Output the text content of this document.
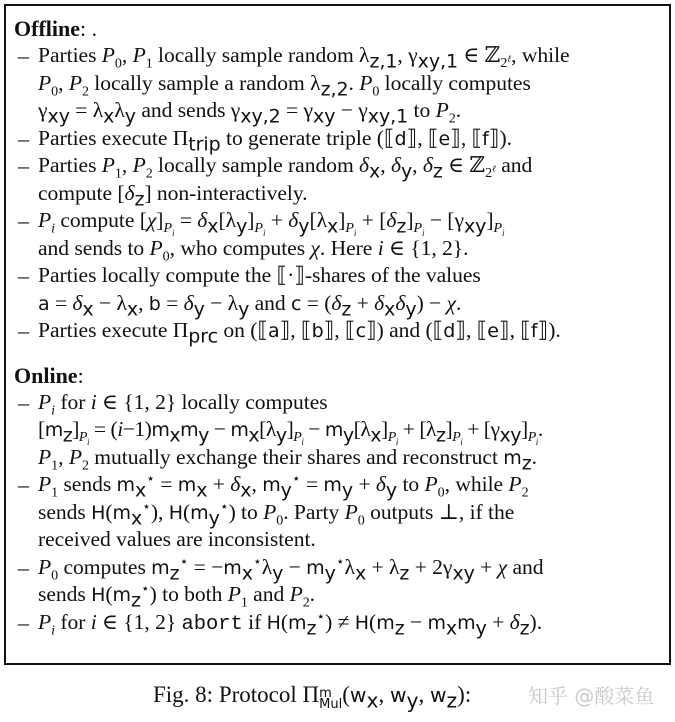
Offline: .
– Parties $P_0$, $P_1$ locally sample random $\lambda_{z,1}$, $\gamma_{xy,1}$ ∈ ℤ$_{2^\ell}$, while
$P_0$, $P_2$ locally sample a random $\lambda_{z,2}$. $P_0$ locally computes
$\gamma_{xy} = \lambda_x\lambda_y$ and sends $\gamma_{xy,2} = \gamma_{xy} - \gamma_{xy,1}$ to $P_2$.
– Parties execute $\Pi_{trip}$ to generate triple (⟦d⟧, ⟦e⟧, ⟦f⟧).
– Parties $P_1$, $P_2$ locally sample random $\delta_x$, $\delta_y$, $\delta_z$ ∈ ℤ$_{2^\ell}$ and
compute $[\delta_z]$ non-interactively.
– $P_i$ compute $[\chi]_{P_i} = \delta_x[\lambda_y]_{P_i} + \delta_y[\lambda_x]_{P_i} + [\delta_z]_{P_i} - [\gamma_{xy}]_{P_i}$
and sends to $P_0$, who computes χ. Here i ∈ {1, 2}.
– Parties locally compute the ⟦·⟧-shares of the values
$a = \delta_x - \lambda_x$, $b = \delta_y - \lambda_y$ and $c = (\delta_z + \delta_x\delta_y) - \chi$.
– Parties execute $\Pi_{prc}$ on (⟦a⟧, ⟦b⟧, ⟦c⟧) and (⟦d⟧, ⟦e⟧, ⟦f⟧).
Online:
– $P_i$ for i ∈ {1, 2} locally computes
$[m_z]_{P_i} = (i-1)m_xm_y - m_x[\lambda_y]_{P_i} - m_y[\lambda_x]_{P_i} + [\lambda_z]_{P_i} + [\gamma_{xy}]_{P_i}$.
$P_1$, $P_2$ mutually exchange their shares and reconstruct $m_z$.
– $P_1$ sends $m_x^⋆ = m_x + \delta_x$, $m_y^⋆ = m_y + \delta_y$ to $P_0$, while $P_2$
sends $H(m_x^⋆)$, $H(m_y^⋆)$ to $P_0$. Party $P_0$ outputs ⊥, if the
received values are inconsistent.
– $P_0$ computes $m_z^⋆ = -m_x^⋆\lambda_y - m_y^⋆\lambda_x + \lambda_z + 2\gamma_{xy} + \chi$ and
sends $H(m_z^⋆)$ to both $P_1$ and $P_2$.
– $P_i$ for i ∈ {1, 2} abort if $H(m_z^⋆) \ne H(m_z - m_xm_y + \delta_z)$.
Fig. 8: Protocol Π m
Mul ($w_x$, $w_y$, $w_z$):	知乎 @酸菜鱼
